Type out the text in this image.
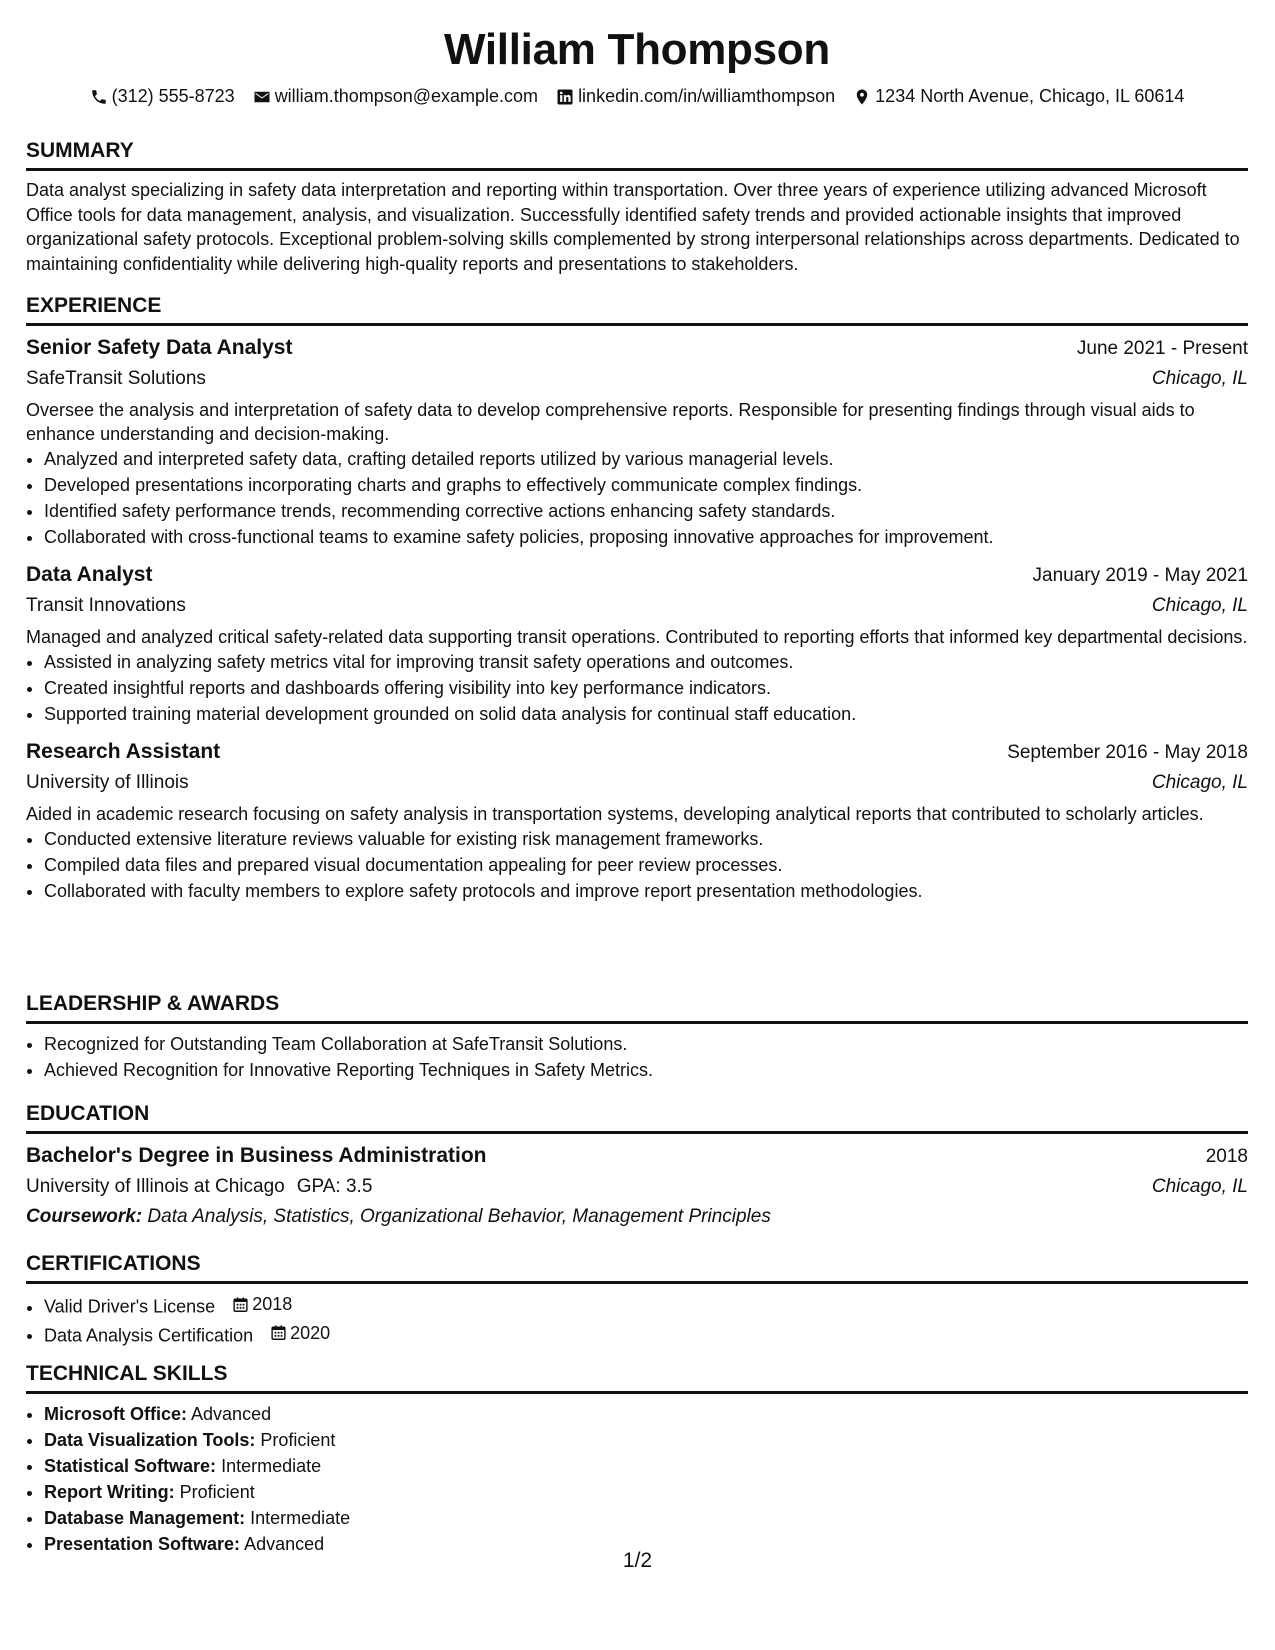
William Thompson
(312) 555-8723 william.thompson@example.com linkedin.com/in/williamthompson 1234 North Avenue, Chicago, IL 60614
SUMMARY
Data analyst specializing in safety data interpretation and reporting within transportation. Over three years of experience utilizing advanced Microsoft Office tools for data management, analysis, and visualization. Successfully identified safety trends and provided actionable insights that improved organizational safety protocols. Exceptional problem-solving skills complemented by strong interpersonal relationships across departments. Dedicated to maintaining confidentiality while delivering high-quality reports and presentations to stakeholders.
EXPERIENCE
Senior Safety Data Analyst	June 2021 - Present
SafeTransit Solutions	Chicago, IL
Oversee the analysis and interpretation of safety data to develop comprehensive reports. Responsible for presenting findings through visual aids to enhance understanding and decision-making.
• Analyzed and interpreted safety data, crafting detailed reports utilized by various managerial levels.
• Developed presentations incorporating charts and graphs to effectively communicate complex findings.
• Identified safety performance trends, recommending corrective actions enhancing safety standards.
• Collaborated with cross-functional teams to examine safety policies, proposing innovative approaches for improvement.
Data Analyst	January 2019 - May 2021
Transit Innovations	Chicago, IL
Managed and analyzed critical safety-related data supporting transit operations. Contributed to reporting efforts that informed key departmental decisions.
• Assisted in analyzing safety metrics vital for improving transit safety operations and outcomes.
• Created insightful reports and dashboards offering visibility into key performance indicators.
• Supported training material development grounded on solid data analysis for continual staff education.
Research Assistant	September 2016 - May 2018
University of Illinois	Chicago, IL
Aided in academic research focusing on safety analysis in transportation systems, developing analytical reports that contributed to scholarly articles.
• Conducted extensive literature reviews valuable for existing risk management frameworks.
• Compiled data files and prepared visual documentation appealing for peer review processes.
• Collaborated with faculty members to explore safety protocols and improve report presentation methodologies.
LEADERSHIP & AWARDS
• Recognized for Outstanding Team Collaboration at SafeTransit Solutions.
• Achieved Recognition for Innovative Reporting Techniques in Safety Metrics.
EDUCATION
Bachelor's Degree in Business Administration	2018
University of Illinois at Chicago GPA: 3.5	Chicago, IL
Coursework: Data Analysis, Statistics, Organizational Behavior, Management Principles
CERTIFICATIONS
• Valid Driver's License 2018
• Data Analysis Certification 2020
TECHNICAL SKILLS
• Microsoft Office: Advanced
• Data Visualization Tools: Proficient
• Statistical Software: Intermediate
• Report Writing: Proficient
• Database Management: Intermediate
• Presentation Software: Advanced
1/2
